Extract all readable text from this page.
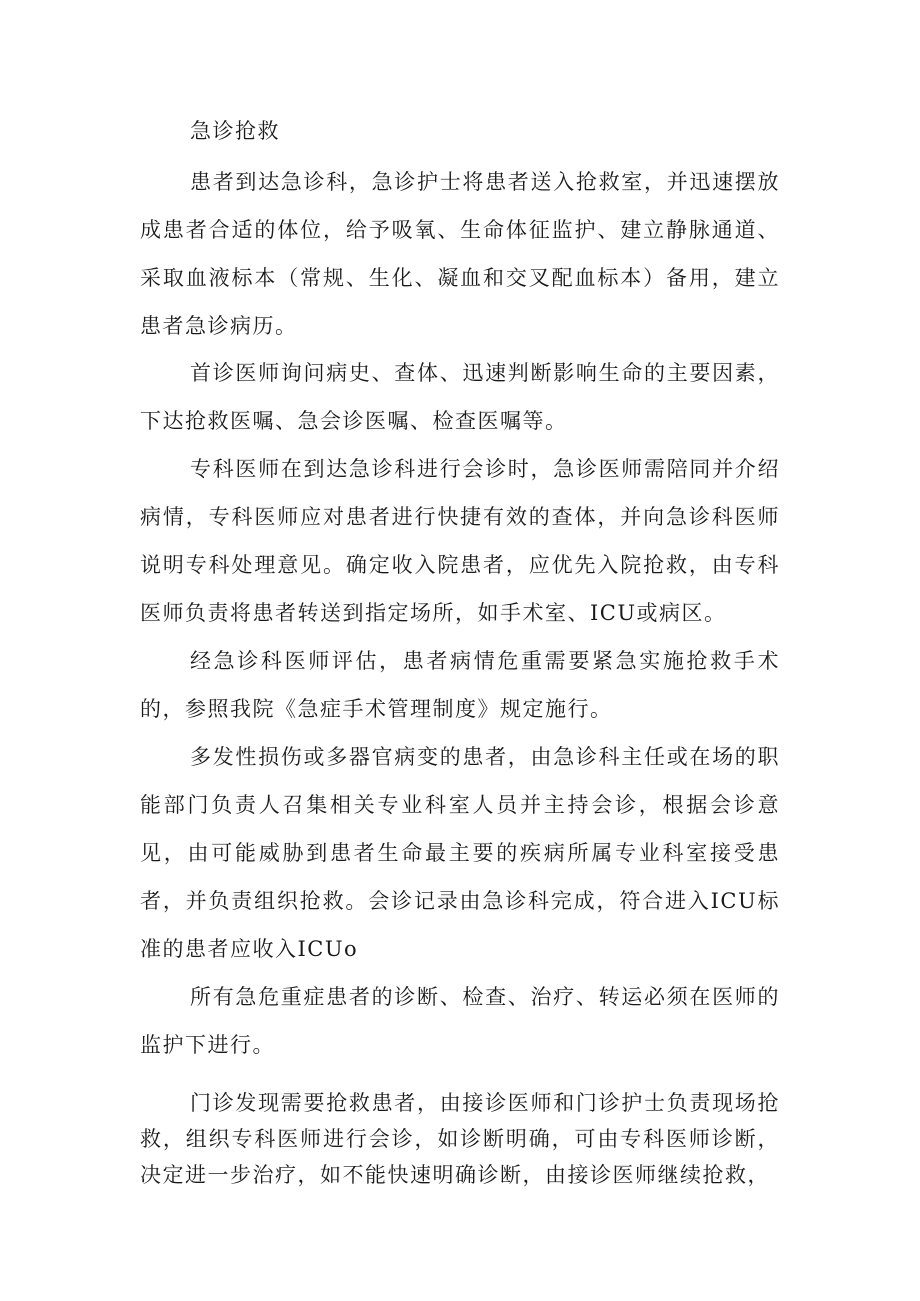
急诊抢救

患者到达急诊科，急诊护士将患者送入抢救室，并迅速摆放成患者合适的体位，给予吸氧、生命体征监护、建立静脉通道、采取血液标本（常规、生化、凝血和交叉配血标本）备用，建立患者急诊病历。

首诊医师询问病史、查体、迅速判断影响生命的主要因素，下达抢救医嘱、急会诊医嘱、检查医嘱等。

专科医师在到达急诊科进行会诊时，急诊医师需陪同并介绍病情，专科医师应对患者进行快捷有效的查体，并向急诊科医师说明专科处理意见。确定收入院患者，应优先入院抢救，由专科医师负责将患者转送到指定场所，如手术室、ICU或病区。

经急诊科医师评估，患者病情危重需要紧急实施抢救手术的，参照我院《急症手术管理制度》规定施行。

多发性损伤或多器官病变的患者，由急诊科主任或在场的职能部门负责人召集相关专业科室人员并主持会诊，根据会诊意见，由可能威胁到患者生命最主要的疾病所属专业科室接受患者，并负责组织抢救。会诊记录由急诊科完成，符合进入ICU标准的患者应收入ICUo

所有急危重症患者的诊断、检查、治疗、转运必须在医师的监护下进行。

门诊发现需要抢救患者，由接诊医师和门诊护士负责现场抢救，组织专科医师进行会诊，如诊断明确，可由专科医师诊断，决定进一步治疗，如不能快速明确诊断，由接诊医师继续抢救，
